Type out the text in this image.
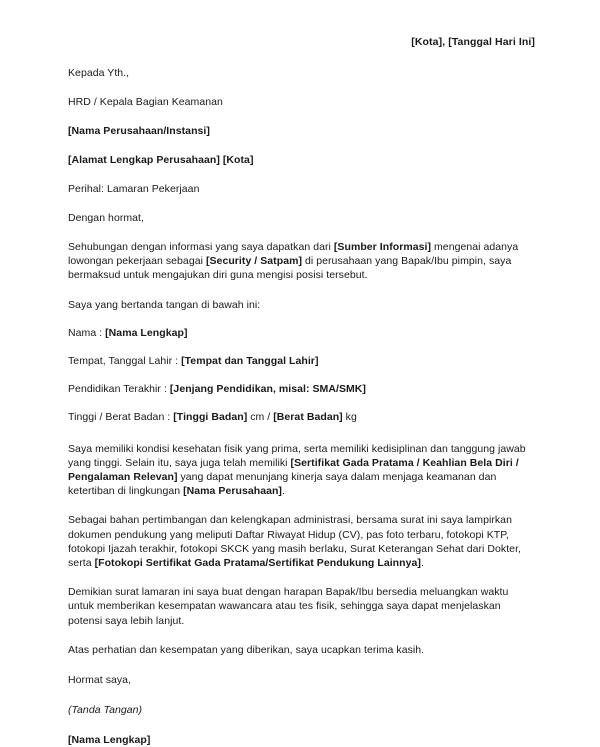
[Kota], [Tanggal Hari Ini]
Kepada Yth.,
HRD / Kepala Bagian Keamanan
[Nama Perusahaan/Instansi]
[Alamat Lengkap Perusahaan] [Kota]
Perihal: Lamaran Pekerjaan
Dengan hormat,
Sehubungan dengan informasi yang saya dapatkan dari [Sumber Informasi] mengenai adanya lowongan pekerjaan sebagai [Security / Satpam] di perusahaan yang Bapak/Ibu pimpin, saya bermaksud untuk mengajukan diri guna mengisi posisi tersebut.
Saya yang bertanda tangan di bawah ini:
Nama : [Nama Lengkap]
Tempat, Tanggal Lahir : [Tempat dan Tanggal Lahir]
Pendidikan Terakhir : [Jenjang Pendidikan, misal: SMA/SMK]
Tinggi / Berat Badan : [Tinggi Badan] cm / [Berat Badan] kg
Saya memiliki kondisi kesehatan fisik yang prima, serta memiliki kedisiplinan dan tanggung jawab yang tinggi. Selain itu, saya juga telah memiliki [Sertifikat Gada Pratama / Keahlian Bela Diri / Pengalaman Relevan] yang dapat menunjang kinerja saya dalam menjaga keamanan dan ketertiban di lingkungan [Nama Perusahaan].
Sebagai bahan pertimbangan dan kelengkapan administrasi, bersama surat ini saya lampirkan dokumen pendukung yang meliputi Daftar Riwayat Hidup (CV), pas foto terbaru, fotokopi KTP, fotokopi Ijazah terakhir, fotokopi SKCK yang masih berlaku, Surat Keterangan Sehat dari Dokter, serta [Fotokopi Sertifikat Gada Pratama/Sertifikat Pendukung Lainnya].
Demikian surat lamaran ini saya buat dengan harapan Bapak/Ibu bersedia meluangkan waktu untuk memberikan kesempatan wawancara atau tes fisik, sehingga saya dapat menjelaskan potensi saya lebih lanjut.
Atas perhatian dan kesempatan yang diberikan, saya ucapkan terima kasih.
Hormat saya,
(Tanda Tangan)
[Nama Lengkap]
